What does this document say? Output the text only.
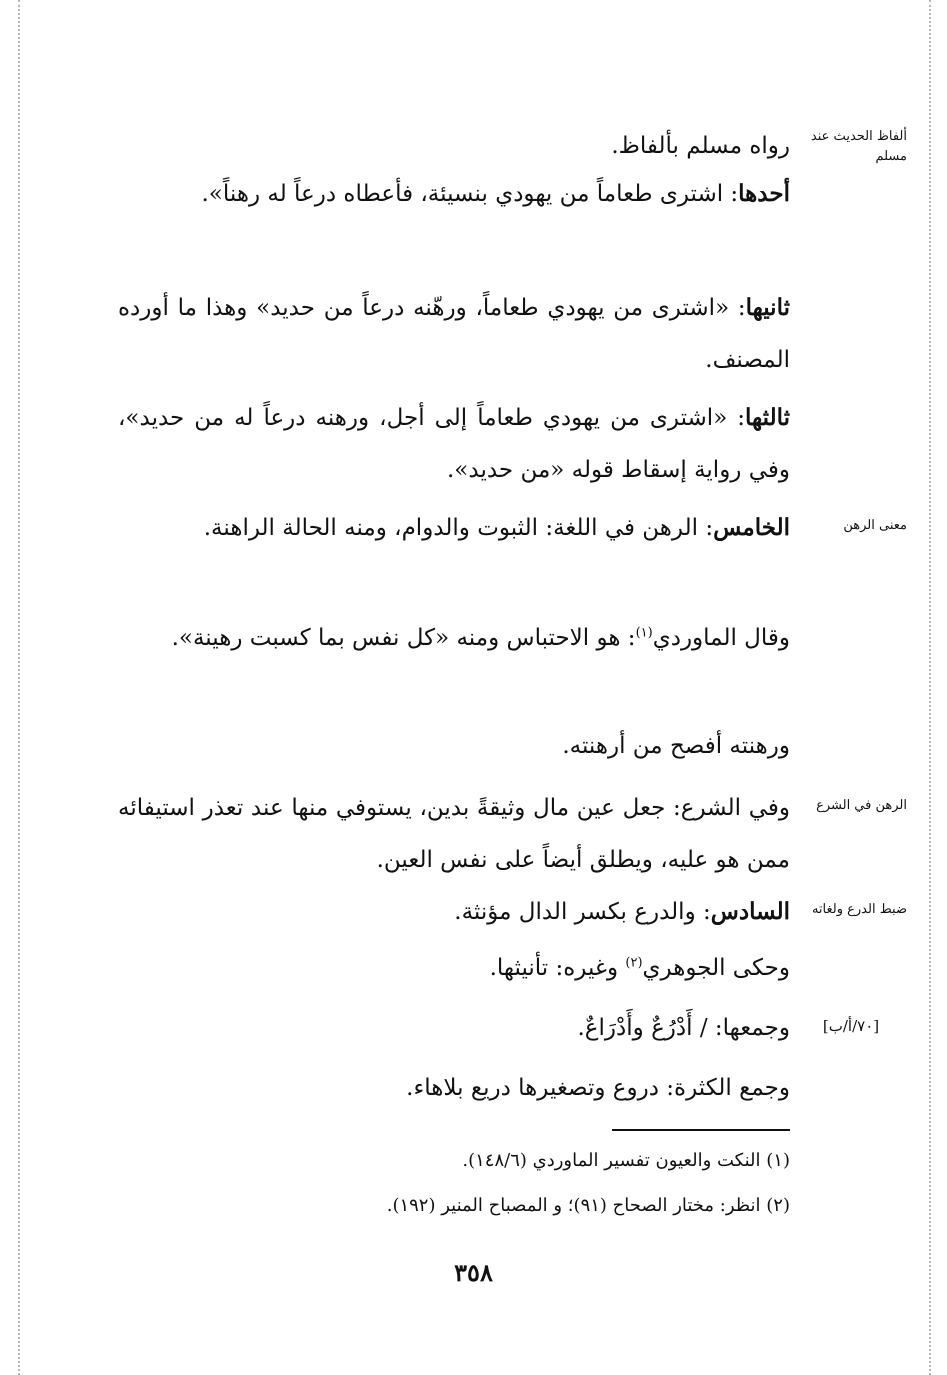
ألفاظ الحديث عند مسلم
معنى الرهن
الرهن في الشرع
ضبط الدرع ولغاته
[٧٠/أ/ب]
رواه مسلم بألفاظ.
أحدها: اشترى طعاماً من يهودي بنسيئة، فأعطاه درعاً له رهناً».
ثانيها: «اشترى من يهودي طعاماً، ورهّنه درعاً من حديد» وهذا ما أورده المصنف.
ثالثها: «اشترى من يهودي طعاماً إلى أجل، ورهنه درعاً له من حديد»، وفي رواية إسقاط قوله «من حديد».
الخامس: الرهن في اللغة: الثبوت والدوام، ومنه الحالة الراهنة.
وقال الماوردي$^{(١)}$: هو الاحتباس ومنه «كل نفس بما كسبت رهينة».
ورهنته أفصح من أرهنته.
وفي الشرع: جعل عين مال وثيقةً بدين، يستوفي منها عند تعذر استيفائه ممن هو عليه، ويطلق أيضاً على نفس العين.
السادس: والدرع بكسر الدال مؤنثة.
وحكى الجوهري$^{(٢)}$ وغيره: تأنيثها.
وجمعها: / أَدْرُعٌ وأَدْرَاعٌ.
وجمع الكثرة: دروع وتصغيرها دريع بلاهاء.
(١) النكت والعيون تفسير الماوردي (١٤٨/٦).
(٢) انظر: مختار الصحاح (٩١)؛ و المصباح المنير (١٩٢).
٣٥٨
